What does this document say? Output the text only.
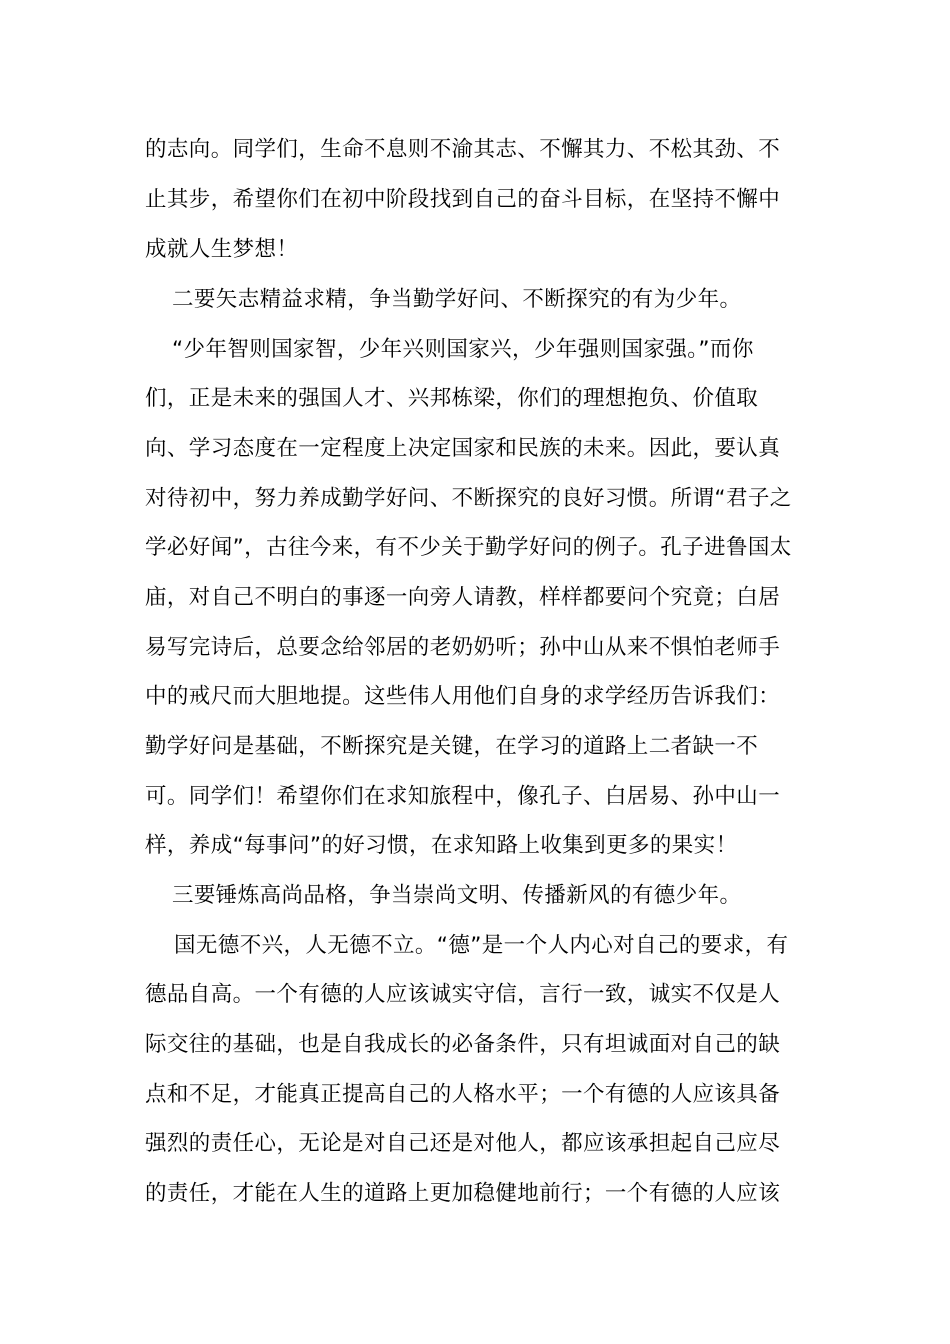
的志向。同学们，生命不息则不渝其志、不懈其力、不松其劲、不

止其步，希望你们在初中阶段找到自己的奋斗目标，在坚持不懈中

成就人生梦想！

二要矢志精益求精，争当勤学好问、不断探究的有为少年。

“少年智则国家智，少年兴则国家兴，少年强则国家强。”而你

们，正是未来的强国人才、兴邦栋梁，你们的理想抱负、价值取

向、学习态度在一定程度上决定国家和民族的未来。因此，要认真

对待初中，努力养成勤学好问、不断探究的良好习惯。所谓“君子之

学必好闻”，古往今来，有不少关于勤学好问的例子。孔子进鲁国太

庙，对自己不明白的事逐一向旁人请教，样样都要问个究竟；白居

易写完诗后，总要念给邻居的老奶奶听；孙中山从来不惧怕老师手

中的戒尺而大胆地提。这些伟人用他们自身的求学经历告诉我们：

勤学好问是基础，不断探究是关键，在学习的道路上二者缺一不

可。同学们！希望你们在求知旅程中，像孔子、白居易、孙中山一

样，养成“每事问”的好习惯，在求知路上收集到更多的果实！

三要锤炼高尚品格，争当崇尚文明、传播新风的有德少年。

国无德不兴，人无德不立。“德”是一个人内心对自己的要求，有

德品自高。一个有德的人应该诚实守信，言行一致，诚实不仅是人

际交往的基础，也是自我成长的必备条件，只有坦诚面对自己的缺

点和不足，才能真正提高自己的人格水平；一个有德的人应该具备

强烈的责任心，无论是对自己还是对他人，都应该承担起自己应尽

的责任，才能在人生的道路上更加稳健地前行；一个有德的人应该
